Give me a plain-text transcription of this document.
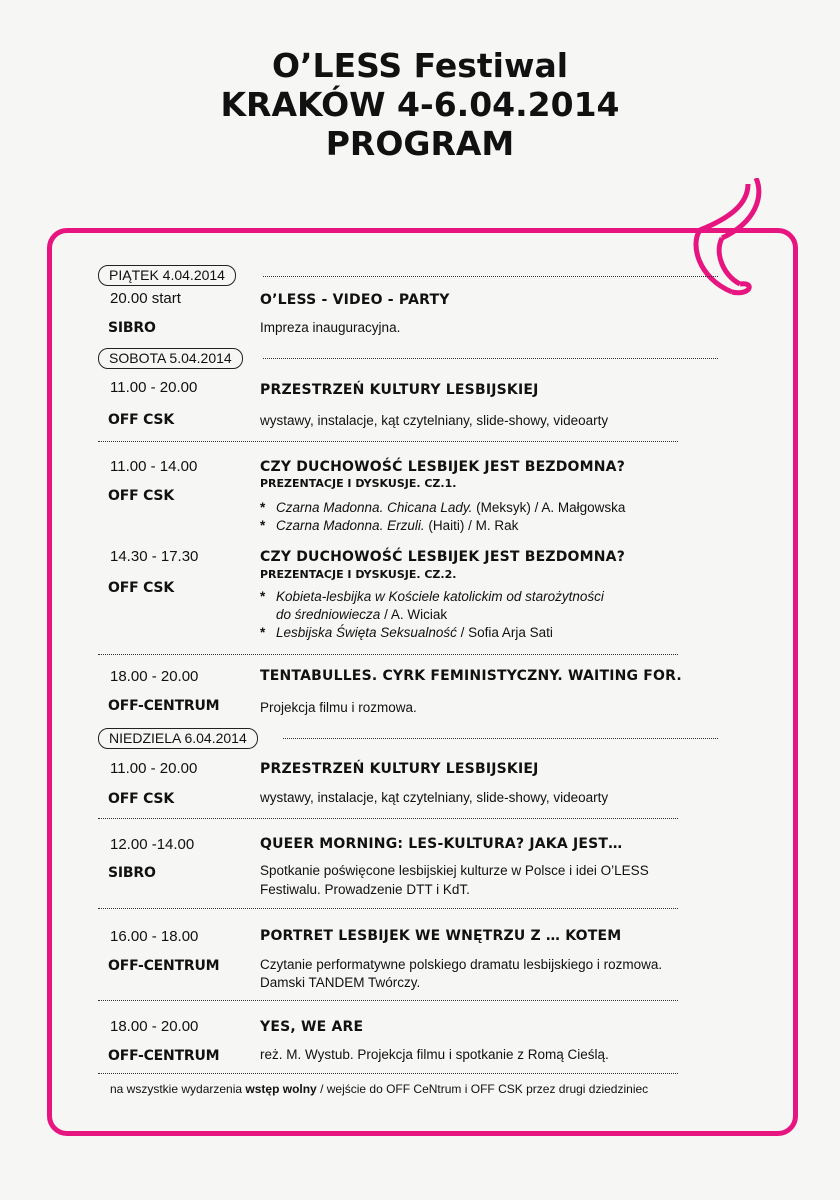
O’LESS Festiwal
KRAKÓW 4-6.04.2014
PROGRAM
PIĄTEK 4.04.2014
20.00 start	O’LESS - VIDEO - PARTY
SIBRO	Impreza inauguracyjna.
SOBOTA 5.04.2014
11.00 - 20.00	PRZESTRZEŃ KULTURY LESBIJSKIEJ
OFF CSK	wystawy, instalacje, kąt czytelniany, slide-showy, videoarty
11.00 - 14.00	CZY DUCHOWOŚĆ LESBIJEK JEST BEZDOMNA?
PREZENTACJE I DYSKUSJE. CZ.1.
OFF CSK
* Czarna Madonna. Chicana Lady. (Meksyk) / A. Małgowska
* Czarna Madonna. Erzuli. (Haiti) / M. Rak
14.30 - 17.30	CZY DUCHOWOŚĆ LESBIJEK JEST BEZDOMNA?
PREZENTACJE I DYSKUSJE. CZ.2.
OFF CSK
* Kobieta-lesbijka w Kościele katolickim od starożytności
do średniowiecza / A. Wiciak
* Lesbijska Święta Seksualność / Sofia Arja Sati
18.00 - 20.00	TENTABULLES. CYRK FEMINISTYCZNY. WAITING FOR.
OFF-CENTRUM	Projekcja filmu i rozmowa.
NIEDZIELA 6.04.2014
11.00 - 20.00	PRZESTRZEŃ KULTURY LESBIJSKIEJ
OFF CSK	wystawy, instalacje, kąt czytelniany, slide-showy, videoarty
12.00 -14.00	QUEER MORNING: LES-KULTURA? JAKA JEST…
SIBRO	Spotkanie poświęcone lesbijskiej kulturze w Polsce i idei O’LESS
Festiwalu. Prowadzenie DTT i KdT.
16.00 - 18.00	PORTRET LESBIJEK WE WNĘTRZU Z … KOTEM
OFF-CENTRUM	Czytanie performatywne polskiego dramatu lesbijskiego i rozmowa.
Damski TANDEM Twórczy.
18.00 - 20.00	YES, WE ARE
OFF-CENTRUM	reż. M. Wystub. Projekcja filmu i spotkanie z Romą Cieślą.
na wszystkie wydarzenia wstęp wolny / wejście do OFF CeNtrum i OFF CSK przez drugi dziedziniec
